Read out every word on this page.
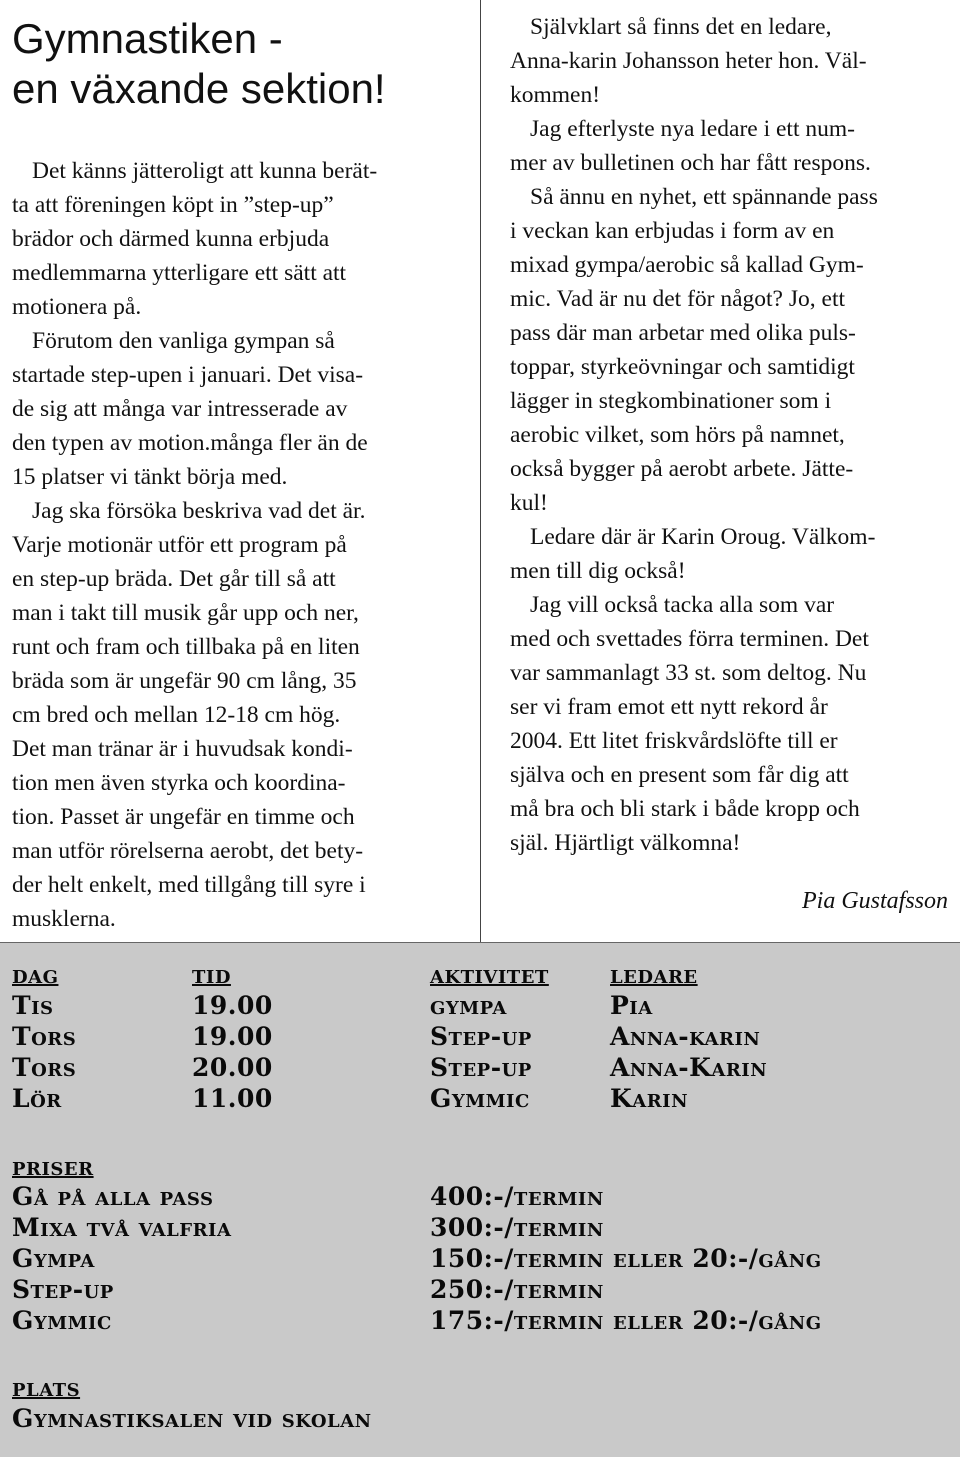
Gymnastiken -
en växande sektion!
Det känns jätteroligt att kunna berät-
ta att föreningen köpt in ”step-up”
brädor och därmed kunna erbjuda
medlemmarna ytterligare ett sätt att
motionera på.
Förutom den vanliga gympan så
startade step-upen i januari. Det visa-
de sig att många var intresserade av
den typen av motion.många fler än de
15 platser vi tänkt börja med.
Jag ska försöka beskriva vad det är.
Varje motionär utför ett program på
en step-up bräda. Det går till så att
man i takt till musik går upp och ner,
runt och fram och tillbaka på en liten
bräda som är ungefär 90 cm lång, 35
cm bred och mellan 12-18 cm hög.
Det man tränar är i huvudsak kondi-
tion men även styrka och koordina-
tion. Passet är ungefär en timme och
man utför rörelserna aerobt, det bety-
der helt enkelt, med tillgång till syre i
musklerna.
Självklart så finns det en ledare,
Anna-karin Johansson heter hon. Väl-
kommen!
Jag efterlyste nya ledare i ett num-
mer av bulletinen och har fått respons.
Så ännu en nyhet, ett spännande pass
i veckan kan erbjudas i form av en
mixad gympa/aerobic så kallad Gym-
mic. Vad är nu det för något? Jo, ett
pass där man arbetar med olika puls-
toppar, styrkeövningar och samtidigt
lägger in stegkombinationer som i
aerobic vilket, som hörs på namnet,
också bygger på aerobt arbete. Jätte-
kul!
Ledare där är Karin Oroug. Välkom-
men till dig också!
Jag vill också tacka alla som var
med och svettades förra terminen. Det
var sammanlagt 33 st. som deltog. Nu
ser vi fram emot ett nytt rekord år
2004. Ett litet friskvårdslöfte till er
själva och en present som får dig att
må bra och bli stark i både kropp och
själ. Hjärtligt välkomna!
Pia Gustafsson
dag	tid	aktivitet ledare
Tis	19.00	gympa	Pia
Tors	19.00	Step-up	Anna-karin
Tors	20.00	Step-up	Anna-Karin
Lör	11.00	Gymmic	Karin
priser
Gå på alla pass	400:-/termin
Mixa två valfria	300:-/termin
Gympa	150:-/termin eller 20:-/gång
Step-up	250:-/termin
Gymmic	175:-/termin eller 20:-/gång
plats
Gymnastiksalen vid skolan
